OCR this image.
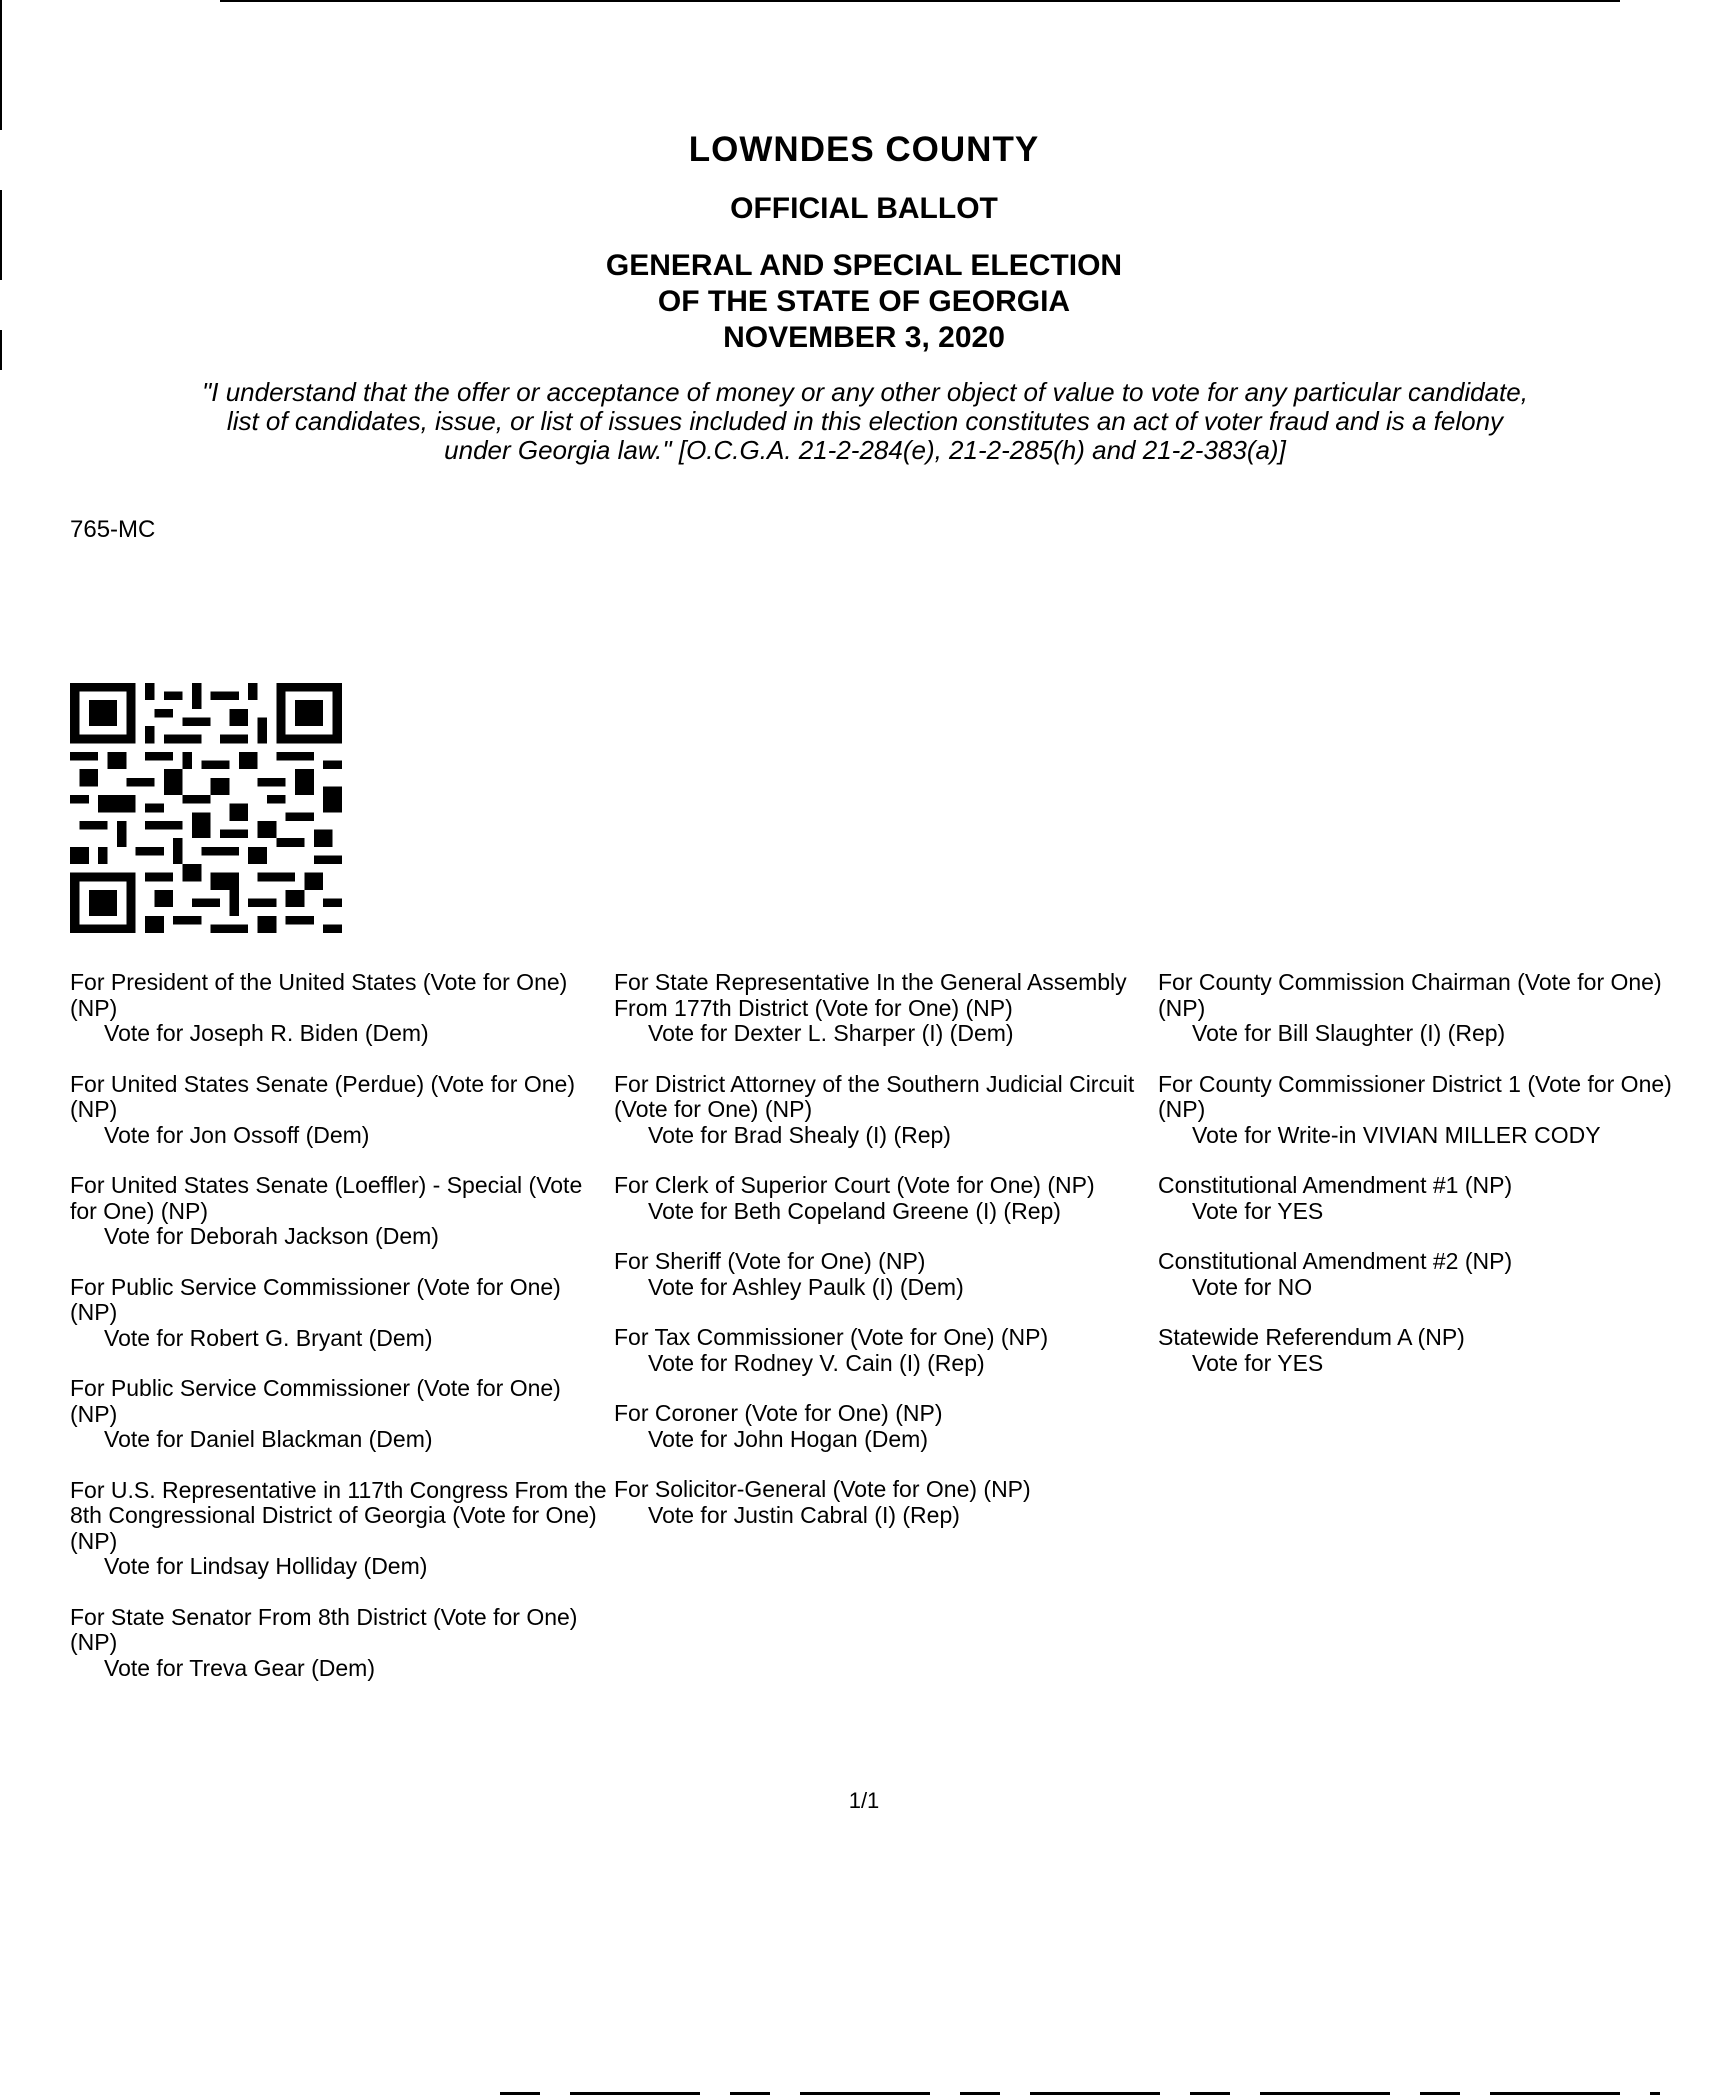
LOWNDES COUNTY
OFFICIAL BALLOT
GENERAL AND SPECIAL ELECTION
OF THE STATE OF GEORGIA
NOVEMBER 3, 2020
"I understand that the offer or acceptance of money or any other object of value to vote for any particular candidate,
list of candidates, issue, or list of issues included in this election constitutes an act of voter fraud and is a felony
under Georgia law." [O.C.G.A. 21-2-284(e), 21-2-285(h) and 21-2-383(a)]
765-MC

For President of the United States (Vote for One) (NP)

Vote for Joseph R. Biden (Dem)

For United States Senate (Perdue) (Vote for One) (NP)

Vote for Jon Ossoff (Dem)

For United States Senate (Loeffler) - Special (Vote for One) (NP)

Vote for Deborah Jackson (Dem)

For Public Service Commissioner (Vote for One) (NP)

Vote for Robert G. Bryant (Dem)

For Public Service Commissioner (Vote for One) (NP)

Vote for Daniel Blackman (Dem)

For U.S. Representative in 117th Congress From the 8th Congressional District of Georgia (Vote for One) (NP)

Vote for Lindsay Holliday (Dem)

For State Senator From 8th District (Vote for One) (NP)

Vote for Treva Gear (Dem)

For State Representative In the General Assembly From 177th District (Vote for One) (NP)

Vote for Dexter L. Sharper (I) (Dem)

For District Attorney of the Southern Judicial Circuit (Vote for One) (NP)

Vote for Brad Shealy (I) (Rep)

For Clerk of Superior Court (Vote for One) (NP)

Vote for Beth Copeland Greene (I) (Rep)

For Sheriff (Vote for One) (NP)

Vote for Ashley Paulk (I) (Dem)

For Tax Commissioner (Vote for One) (NP)

Vote for Rodney V. Cain (I) (Rep)

For Coroner (Vote for One) (NP)

Vote for John Hogan (Dem)

For Solicitor-General (Vote for One) (NP)

Vote for Justin Cabral (I) (Rep)

For County Commission Chairman (Vote for One) (NP)

Vote for Bill Slaughter (I) (Rep)

For County Commissioner District 1 (Vote for One) (NP)

Vote for Write-in VIVIAN MILLER CODY

Constitutional Amendment #1 (NP)

Vote for YES

Constitutional Amendment #2 (NP)

Vote for NO

Statewide Referendum A (NP)

Vote for YES

1/1
